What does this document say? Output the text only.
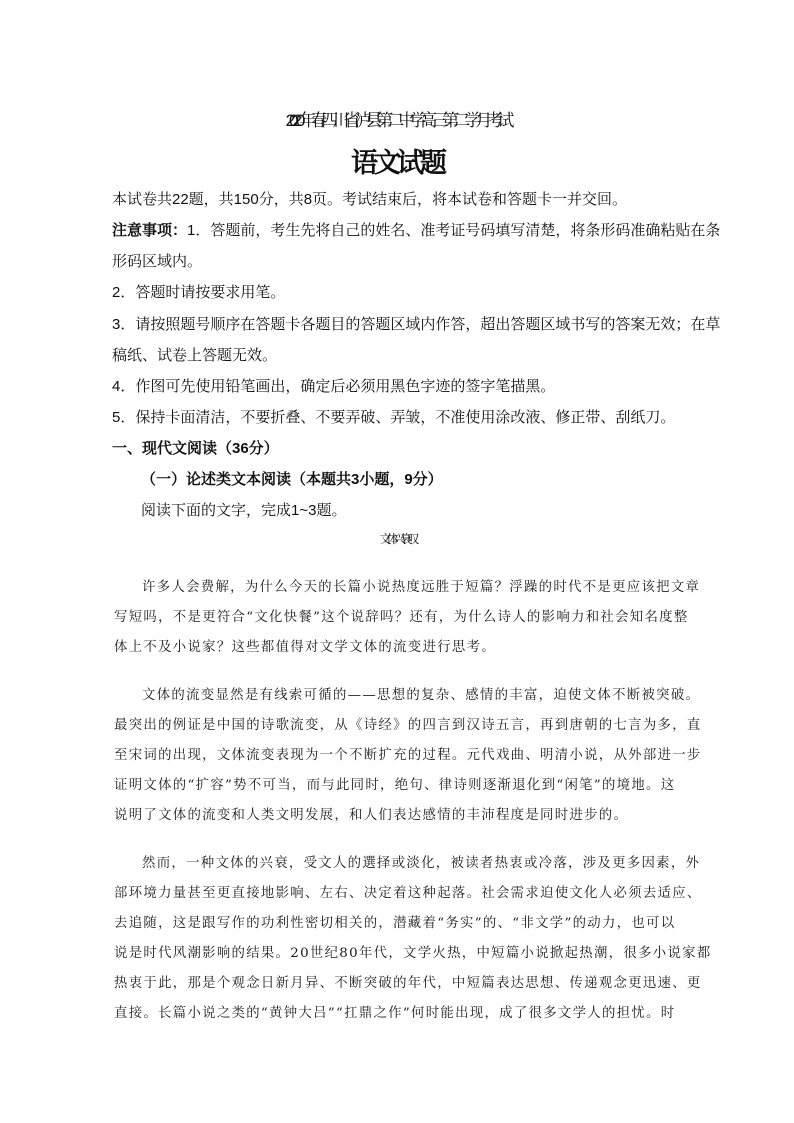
2020年春四川省泸县第二中学高三第二学月考试
语文试题
本试卷共22题，共150分，共8页。考试结束后，将本试卷和答题卡一并交回。
注意事项：1．答题前，考生先将自己的姓名、准考证号码填写清楚，将条形码准确粘贴在条
形码区域内。
2．答题时请按要求用笔。
3．请按照题号顺序在答题卡各题目的答题区域内作答，超出答题区域书写的答案无效；在草
稿纸、试卷上答题无效。
4．作图可先使用铅笔画出，确定后必须用黑色字迹的签字笔描黑。
5．保持卡面清洁，不要折叠、不要弄破、弄皱，不准使用涂改液、修正带、刮纸刀。
一、现代文阅读（36分）
（一）论述类文本阅读（本题共3小题，9分）
阅读下面的文字，完成1~3题。
文体兴衰叹
许多人会费解，为什么今天的长篇小说热度远胜于短篇？浮躁的时代不是更应该把文章
写短吗，不是更符合“文化快餐”这个说辞吗？还有，为什么诗人的影响力和社会知名度整
体上不及小说家？这些都值得对文学文体的流变进行思考。
文体的流变显然是有线索可循的——思想的复杂、感情的丰富，迫使文体不断被突破。
最突出的例证是中国的诗歌流变，从《诗经》的四言到汉诗五言，再到唐朝的七言为多，直
至宋词的出现，文体流变表现为一个不断扩充的过程。元代戏曲、明清小说，从外部进一步
证明文体的“扩容”势不可当，而与此同时，绝句、律诗则逐渐退化到“闲笔”的境地。这
说明了文体的流变和人类文明发展，和人们表达感情的丰沛程度是同时进步的。
然而，一种文体的兴衰，受文人的選择或淡化，被读者热衷或冷落，涉及更多因素，外
部环境力量甚至更直接地影响、左右、决定着这种起落。社会需求迫使文化人必须去适应、
去追随，这是跟写作的功利性密切相关的，潜藏着“务实”的、“非文学”的动力，也可以
说是时代风潮影响的结果。20世纪80年代，文学火热，中短篇小说掀起热潮，很多小说家都
热衷于此，那是个观念日新月异、不断突破的年代，中短篇表达思想、传递观念更迅速、更
直接。长篇小说之类的“黄钟大吕”“扛鼎之作”何时能出现，成了很多文学人的担忧。时
